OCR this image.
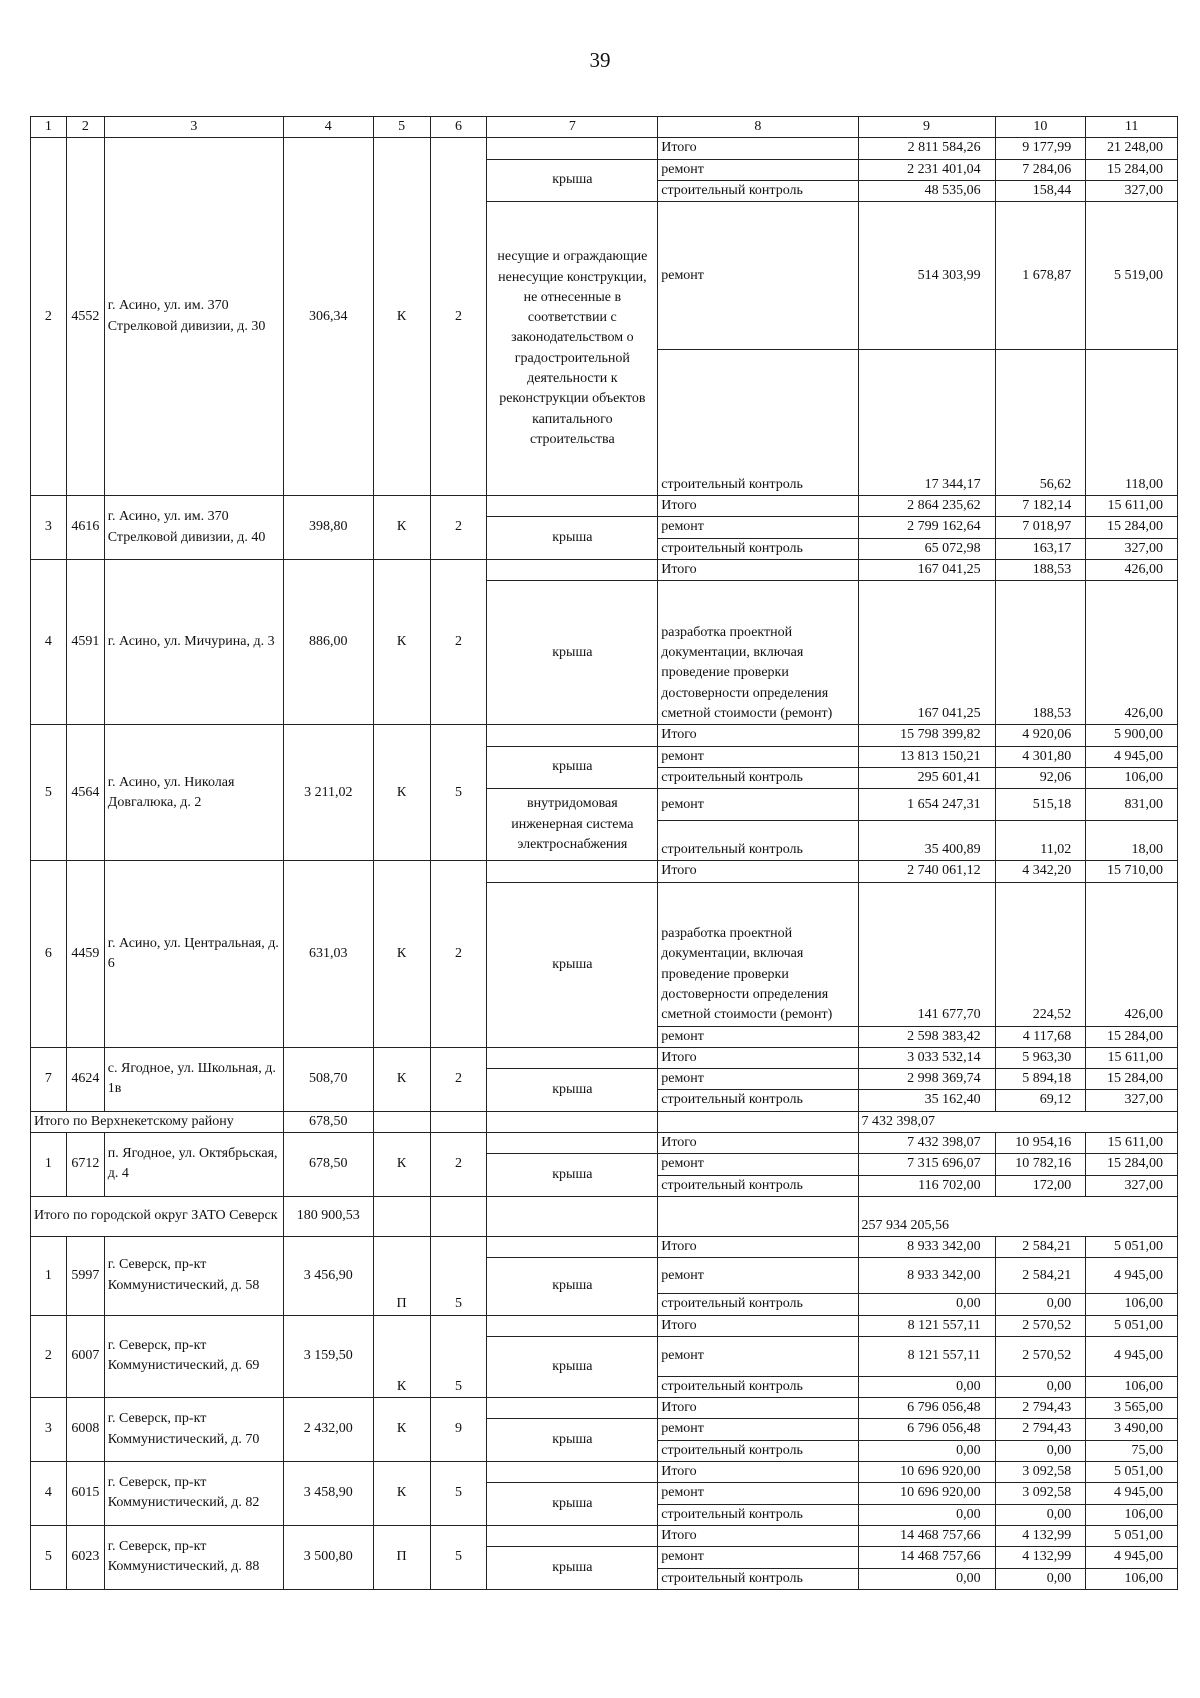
39
1	2	3	4	5	6	7	8	9	10	11
2	4552	г. Асино, ул. им. 370 Стрелковой дивизии, д. 30	306,34	К	2		Итого	2 811 584,26	9 177,99	21 248,00
						крыша	ремонт	2 231 401,04	7 284,06	15 284,00
							строительный контроль	48 535,06	158,44	327,00
						несущие и ограждающие ненесущие конструкции, не отнесенные в соответствии с законодательством о градостроительной деятельности к реконструкции объектов капитального строительства	ремонт	514 303,99	1 678,87	5 519,00
							строительный контроль	17 344,17	56,62	118,00
3	4616	г. Асино, ул. им. 370 Стрелковой дивизии, д. 40	398,80	К	2		Итого	2 864 235,62	7 182,14	15 611,00
						крыша	ремонт	2 799 162,64	7 018,97	15 284,00
							строительный контроль	65 072,98	163,17	327,00
4	4591	г. Асино, ул. Мичурина, д. 3	886,00	К	2		Итого	167 041,25	188,53	426,00
						крыша	разработка проектной документации, включая проведение проверки достоверности определения сметной стоимости (ремонт)	167 041,25	188,53	426,00
5	4564	г. Асино, ул. Николая Довгалюка, д. 2	3 211,02	К	5		Итого	15 798 399,82	4 920,06	5 900,00
						крыша	ремонт	13 813 150,21	4 301,80	4 945,00
							строительный контроль	295 601,41	92,06	106,00
						внутридомовая инженерная система электроснабжения	ремонт	1 654 247,31	515,18	831,00
							строительный контроль	35 400,89	11,02	18,00
6	4459	г. Асино, ул. Центральная, д. 6	631,03	К	2		Итого	2 740 061,12	4 342,20	15 710,00
						крыша	разработка проектной документации, включая проведение проверки достоверности определения сметной стоимости (ремонт)	141 677,70	224,52	426,00
							ремонт	2 598 383,42	4 117,68	15 284,00
7	4624	с. Ягодное, ул. Школьная, д. 1в	508,70	К	2		Итого	3 033 532,14	5 963,30	15 611,00
						крыша	ремонт	2 998 369,74	5 894,18	15 284,00
							строительный контроль	35 162,40	69,12	327,00
Итого по Верхнекетскому району			678,50					7 432 398,07		
1	6712	п. Ягодное, ул. Октябрьская, д. 4	678,50	К	2		Итого	7 432 398,07	10 954,16	15 611,00
						крыша	ремонт	7 315 696,07	10 782,16	15 284,00
							строительный контроль	116 702,00	172,00	327,00
Итого по городской округ ЗАТО Северск			180 900,53					257 934 205,56		
1	5997	г. Северск, пр-кт Коммунистический, д. 58	3 456,90	П	5		Итого	8 933 342,00	2 584,21	5 051,00
						крыша	ремонт	8 933 342,00	2 584,21	4 945,00
							строительный контроль	0,00	0,00	106,00
2	6007	г. Северск, пр-кт Коммунистический, д. 69	3 159,50	К	5		Итого	8 121 557,11	2 570,52	5 051,00
						крыша	ремонт	8 121 557,11	2 570,52	4 945,00
							строительный контроль	0,00	0,00	106,00
3	6008	г. Северск, пр-кт Коммунистический, д. 70	2 432,00	К	9		Итого	6 796 056,48	2 794,43	3 565,00
						крыша	ремонт	6 796 056,48	2 794,43	3 490,00
							строительный контроль	0,00	0,00	75,00
4	6015	г. Северск, пр-кт Коммунистический, д. 82	3 458,90	К	5		Итого	10 696 920,00	3 092,58	5 051,00
						крыша	ремонт	10 696 920,00	3 092,58	4 945,00
							строительный контроль	0,00	0,00	106,00
5	6023	г. Северск, пр-кт Коммунистический, д. 88	3 500,80	П	5		Итого	14 468 757,66	4 132,99	5 051,00
						крыша	ремонт	14 468 757,66	4 132,99	4 945,00
							строительный контроль	0,00	0,00	106,00
